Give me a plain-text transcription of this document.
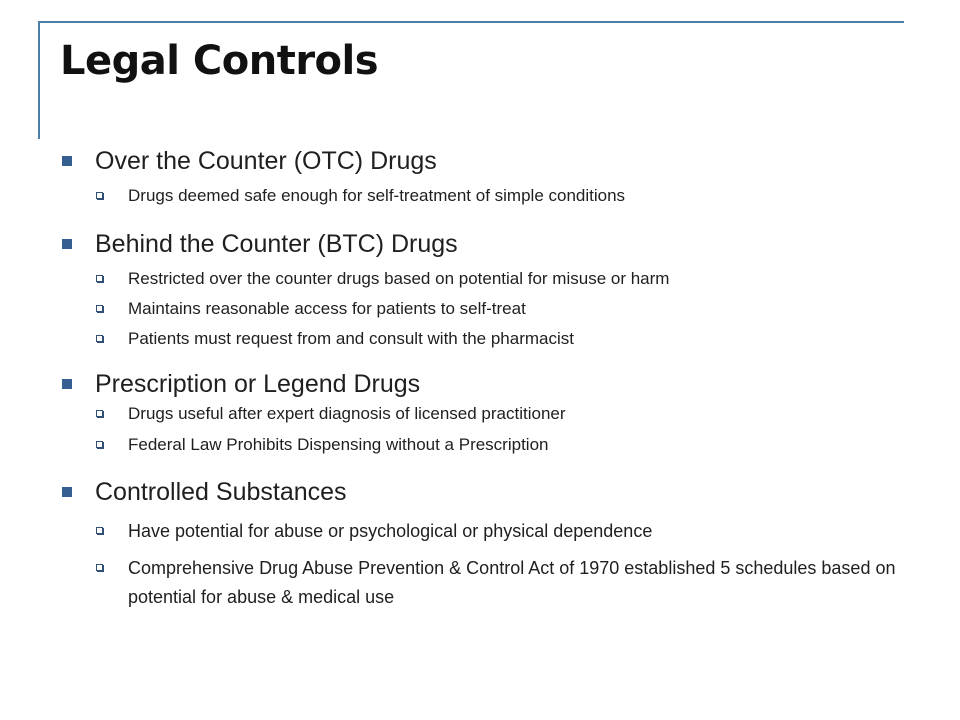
Legal Controls
Over the Counter (OTC) Drugs
Drugs deemed safe enough for self-treatment of simple conditions
Behind the Counter (BTC) Drugs
Restricted over the counter drugs based on potential for misuse or harm
Maintains reasonable access for patients to self-treat
Patients must request from and consult with the pharmacist
Prescription or Legend Drugs
Drugs useful after expert diagnosis of licensed practitioner
Federal Law Prohibits Dispensing without a Prescription
Controlled Substances
Have potential for abuse or psychological or physical dependence
Comprehensive Drug Abuse Prevention & Control Act of 1970 established 5 schedules based on potential for abuse & medical use
